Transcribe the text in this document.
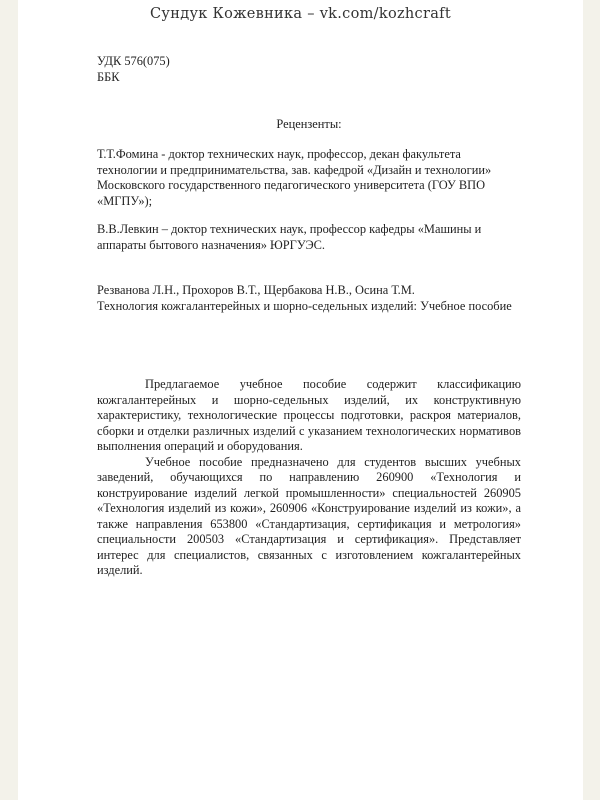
Сундук Кожевника – vk.com/kozhcraft
УДК 576(075)
ББК
Рецензенты:
Т.Т.Фомина - доктор технических наук, профессор, декан факультета технологии и предпринимательства, зав. кафедрой «Дизайн и технологии» Московского государственного педагогического университета (ГОУ ВПО «МГПУ»);
В.В.Левкин – доктор технических наук, профессор кафедры «Машины и аппараты бытового назначения» ЮРГУЭС.
Резванова Л.Н., Прохоров В.Т., Щербакова Н.В., Осина Т.М.
Технология кожгалантерейных и шорно-седельных изделий: Учебное пособие

Предлагаемое учебное пособие содержит классификацию кожгалантерейных и шорно-седельных изделий, их конструктивную характеристику, технологические процессы подготовки, раскроя материалов, сборки и отделки различных изделий с указанием технологических нормативов выполнения операций и оборудования.

Учебное пособие предназначено для студентов высших учебных заведений, обучающихся по направлению 260900 «Технология и конструирование изделий легкой промышленности» специальностей 260905 «Технология изделий из кожи», 260906 «Конструирование изделий из кожи», а также направления 653800 «Стандартизация, сертификация и метрология» специальности 200503 «Стандартизация и сертификация». Представляет интерес для специалистов, связанных с изготовлением кожгалантерейных изделий.
